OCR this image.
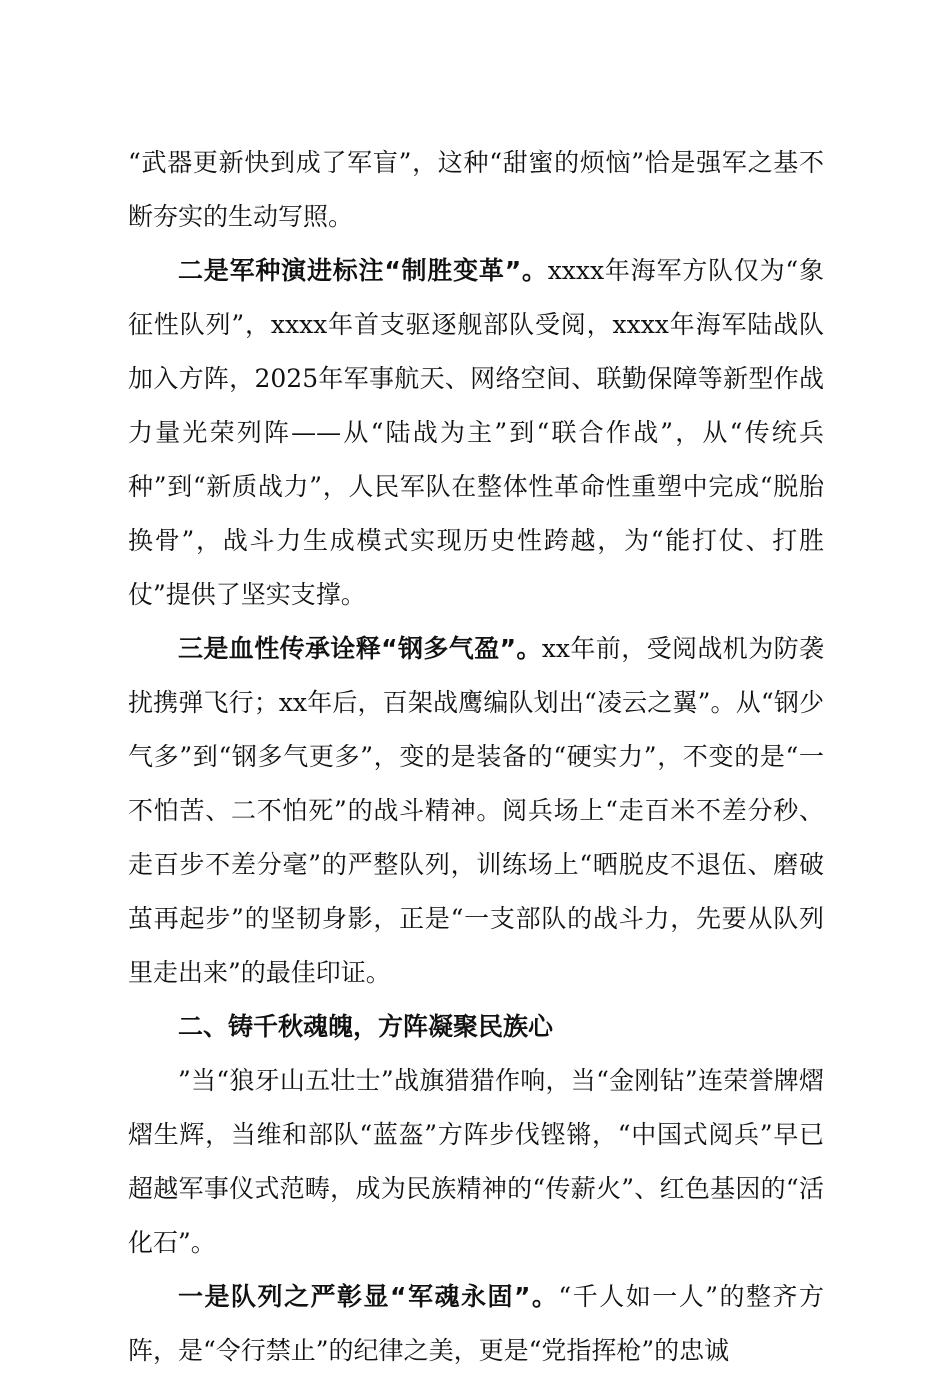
“武器更新快到成了军盲”，这种“甜蜜的烦恼”恰是强军之基不断夯实的生动写照。

二是军种演进标注“制胜变革”。xxxx年海军方队仅为“象征性队列”，xxxx年首支驱逐舰部队受阅，xxxx年海军陆战队加入方阵，2025年军事航天、网络空间、联勤保障等新型作战力量光荣列阵——从“陆战为主”到“联合作战”，从“传统兵种”到“新质战力”，人民军队在整体性革命性重塑中完成“脱胎换骨”，战斗力生成模式实现历史性跨越，为“能打仗、打胜仗”提供了坚实支撑。

三是血性传承诠释“钢多气盈”。xx年前，受阅战机为防袭扰携弹飞行；xx年后，百架战鹰编队划出“凌云之翼”。从“钢少气多”到“钢多气更多”，变的是装备的“硬实力”，不变的是“一不怕苦、二不怕死”的战斗精神。阅兵场上“走百米不差分秒、走百步不差分毫”的严整队列，训练场上“晒脱皮不退伍、磨破茧再起步”的坚韧身影，正是“一支部队的战斗力，先要从队列里走出来”的最佳印证。

二、铸千秋魂魄，方阵凝聚民族心

”当“狼牙山五壮士”战旗猎猎作响，当“金刚钻”连荣誉牌熠熠生辉，当维和部队“蓝盔”方阵步伐铿锵，“中国式阅兵”早已超越军事仪式范畴，成为民族精神的“传薪火”、红色基因的“活化石”。

一是队列之严彰显“军魂永固”。“千人如一人”的整齐方阵，是“令行禁止”的纪律之美，更是“党指挥枪”的忠诚
